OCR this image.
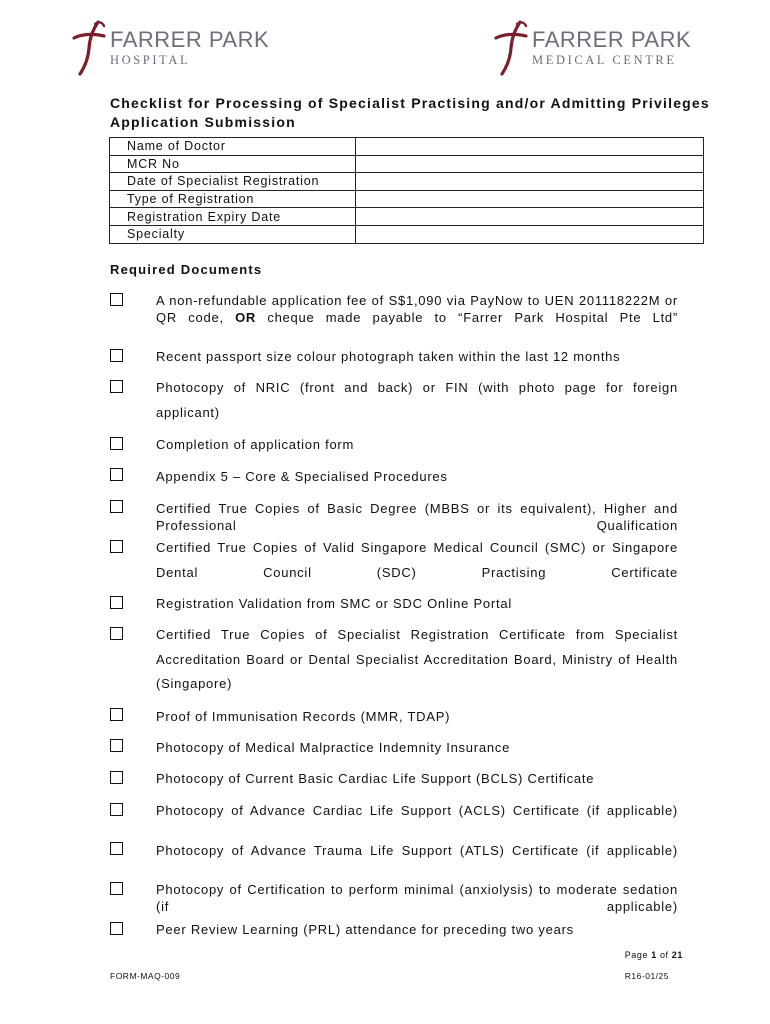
FARRER PARK
HOSPITAL
FARRER PARK
MEDICAL CENTRE
Checklist for Processing of Specialist Practising and/or Admitting Privileges Application Submission
Name of Doctor	
MCR No	
Date of Specialist Registration	
Type of Registration	
Registration Expiry Date	
Specialty	
Required Documents
A non-refundable application fee of S$1,090 via PayNow to UEN 201118222M or QR code, OR cheque made payable to “Farrer Park Hospital Pte Ltd”
Recent passport size colour photograph taken within the last 12 months
Photocopy of NRIC (front and back) or FIN (with photo page for foreign applicant)
Completion of application form
Appendix 5 – Core & Specialised Procedures
Certified True Copies of Basic Degree (MBBS or its equivalent), Higher and Professional Qualification
Certified True Copies of Valid Singapore Medical Council (SMC) or Singapore Dental Council (SDC) Practising Certificate
Registration Validation from SMC or SDC Online Portal
Certified True Copies of Specialist Registration Certificate from Specialist Accreditation Board or Dental Specialist Accreditation Board, Ministry of Health (Singapore)
Proof of Immunisation Records (MMR, TDAP)
Photocopy of Medical Malpractice Indemnity Insurance
Photocopy of Current Basic Cardiac Life Support (BCLS) Certificate
Photocopy of Advance Cardiac Life Support (ACLS) Certificate (if applicable)
Photocopy of Advance Trauma Life Support (ATLS) Certificate (if applicable)
Photocopy of Certification to perform minimal (anxiolysis) to moderate sedation (if applicable)
Peer Review Learning (PRL) attendance for preceding two years
Page 1 of 21
FORM-MAQ-009	R16-01/25
